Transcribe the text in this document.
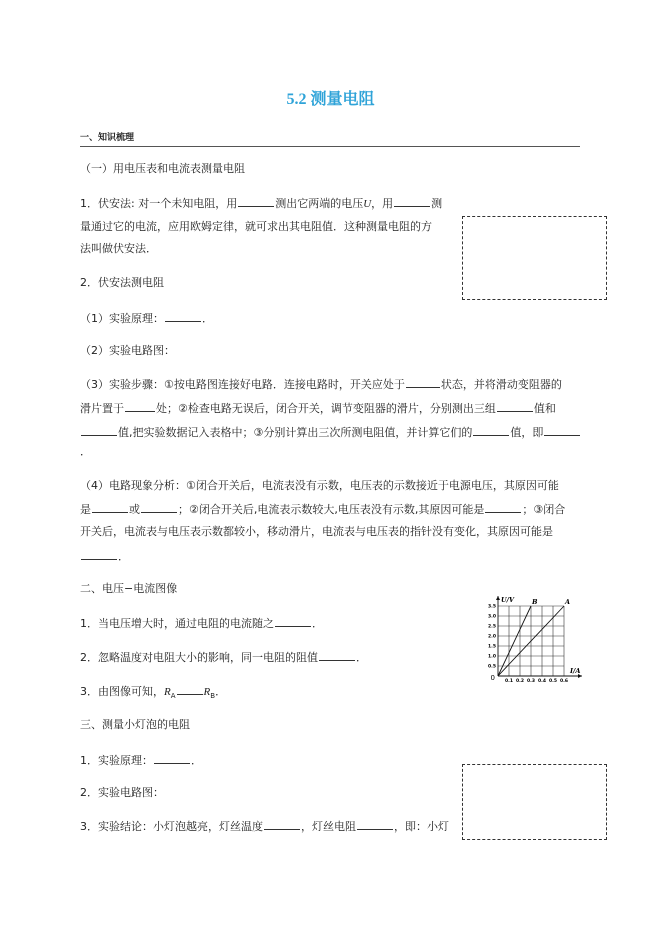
5.2 测量电阻
一、知识梳理
（一）用电压表和电流表测量电阻
1．伏安法: 对一个未知电阻，用	测出它两端的电压U，用	测
量通过它的电流，应用欧姆定律，就可求出其电阻值．这种测量电阻的方
法叫做伏安法．
2．伏安法测电阻
（1）实验原理：	．
（2）实验电路图：
（3）实验步骤：①按电路图连接好电路．连接电路时，开关应处于	状态，并将滑动变阻器的
滑片置于	处；②检查电路无误后，闭合开关，调节变阻器的滑片，分别测出三组	值和
值,把实验数据记入表格中；③分别计算出三次所测电阻值，并计算它们的	值，即
．
（4）电路现象分析：①闭合开关后，电流表没有示数，电压表的示数接近于电源电压，其原因可能
是	或	；②闭合开关后,电流表示数较大,电压表没有示数,其原因可能是	；③闭合
开关后，电流表与电压表示数都较小，移动滑片，电流表与电压表的指针没有变化，其原因可能是
．
二、电压−电流图像
1．当电压增大时，通过电阻的电流随之	．
2．忽略温度对电阻大小的影响，同一电阻的阻值	．
3．由图像可知，$R_A$	$R_B$．
U/V
I/A
0 0.1 0.2 0.3 0.4 0.5 0.6
0.5
1.0
1.5
2.0
2.5
3.0
3.5
B	A
三、测量小灯泡的电阻
1．实验原理：	．
2．实验电路图：
3．实验结论：小灯泡越亮，灯丝温度	，灯丝电阻	，即：小灯
